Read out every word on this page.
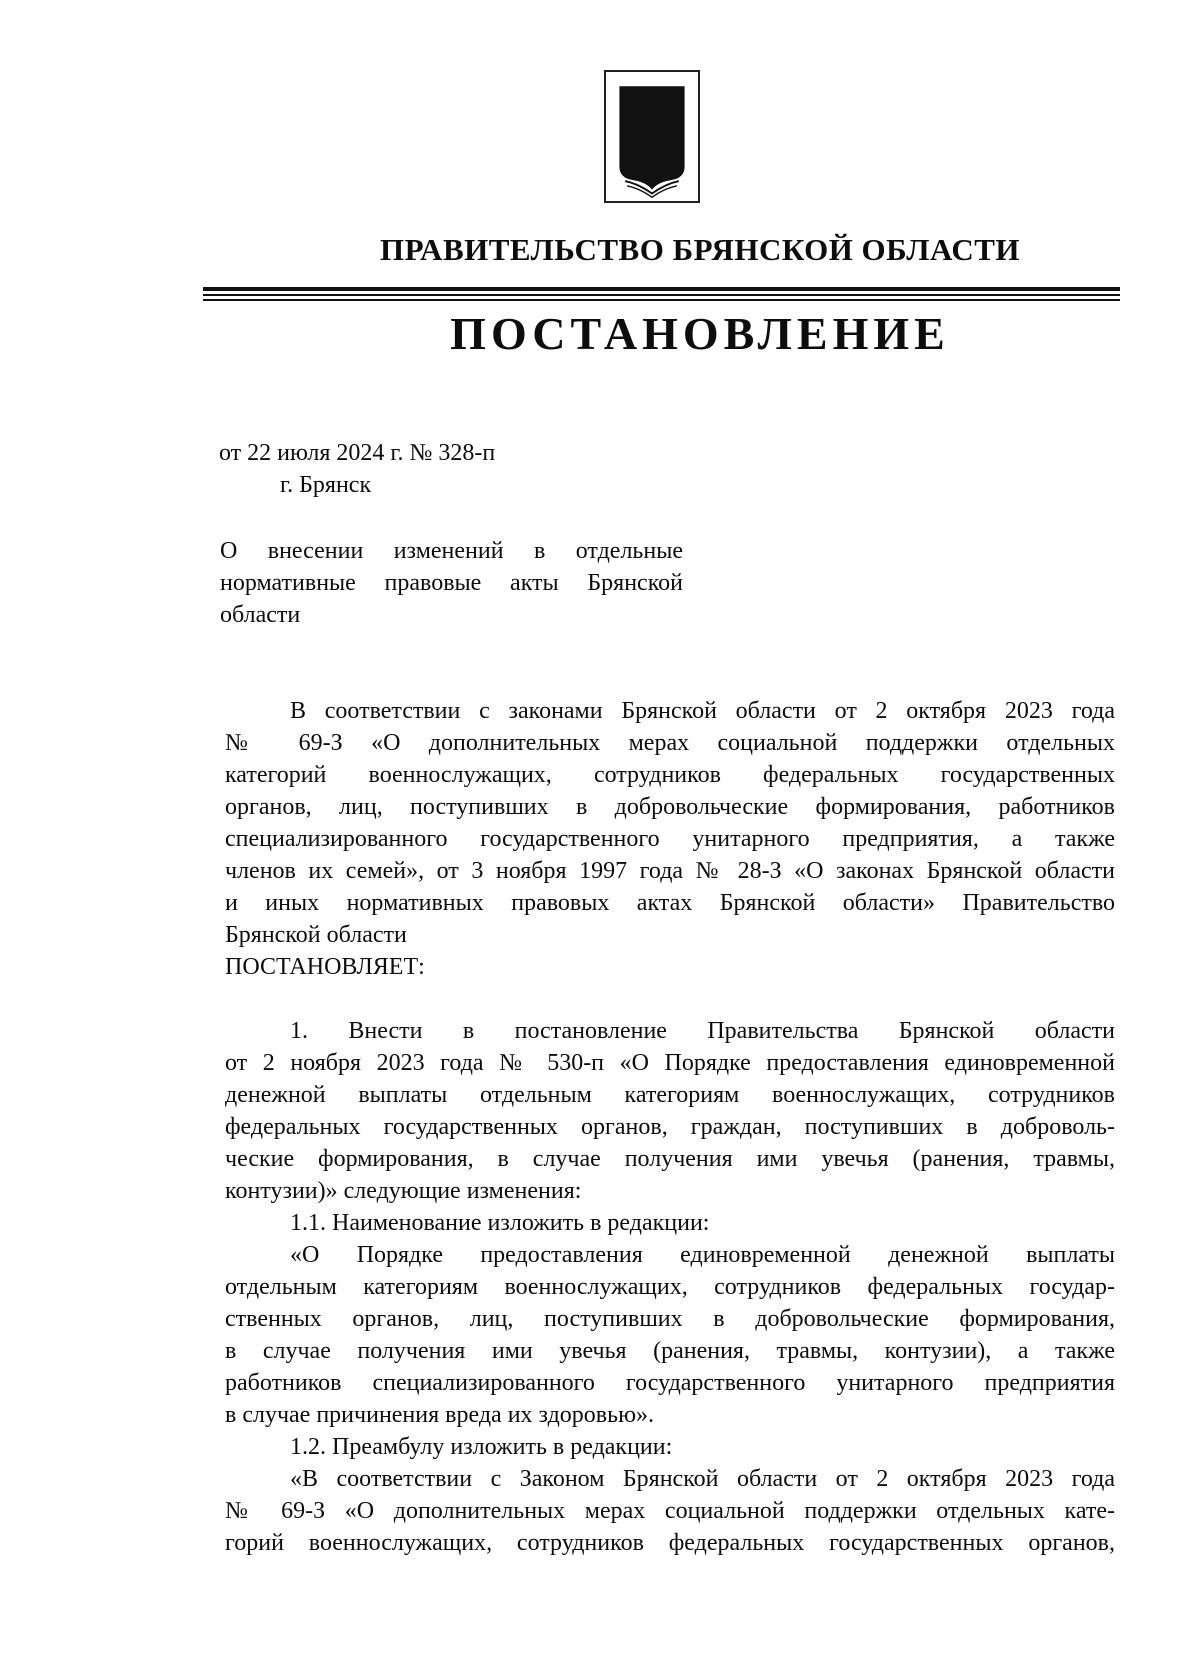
ПРАВИТЕЛЬСТВО БРЯНСКОЙ ОБЛАСТИ
ПОСТАНОВЛЕНИЕ
от 22 июля 2024 г. № 328-п
г. Брянск
О внесении изменений в отдельные нормативные правовые акты Брянской области
В соответствии с законами Брянской области от 2 октября 2023 года
№ 69-З «О дополнительных мерах социальной поддержки отдельных
категорий военнослужащих, сотрудников федеральных государственных
органов, лиц, поступивших в добровольческие формирования, работников
специализированного государственного унитарного предприятия, а также
членов их семей», от 3 ноября 1997 года № 28-З «О законах Брянской области
и иных нормативных правовых актах Брянской области» Правительство
Брянской области
ПОСТАНОВЛЯЕТ:
1. Внести в постановление Правительства Брянской области
от 2 ноября 2023 года № 530-п «О Порядке предоставления единовременной
денежной выплаты отдельным категориям военнослужащих, сотрудников
федеральных государственных органов, граждан, поступивших в доброволь-
ческие формирования, в случае получения ими увечья (ранения, травмы,
контузии)» следующие изменения:
1.1. Наименование изложить в редакции:
«О Порядке предоставления единовременной денежной выплаты
отдельным категориям военнослужащих, сотрудников федеральных государ-
ственных органов, лиц, поступивших в добровольческие формирования,
в случае получения ими увечья (ранения, травмы, контузии), а также
работников специализированного государственного унитарного предприятия
в случае причинения вреда их здоровью».
1.2. Преамбулу изложить в редакции:
«В соответствии с Законом Брянской области от 2 октября 2023 года
№ 69-З «О дополнительных мерах социальной поддержки отдельных кате-
горий военнослужащих, сотрудников федеральных государственных органов,
